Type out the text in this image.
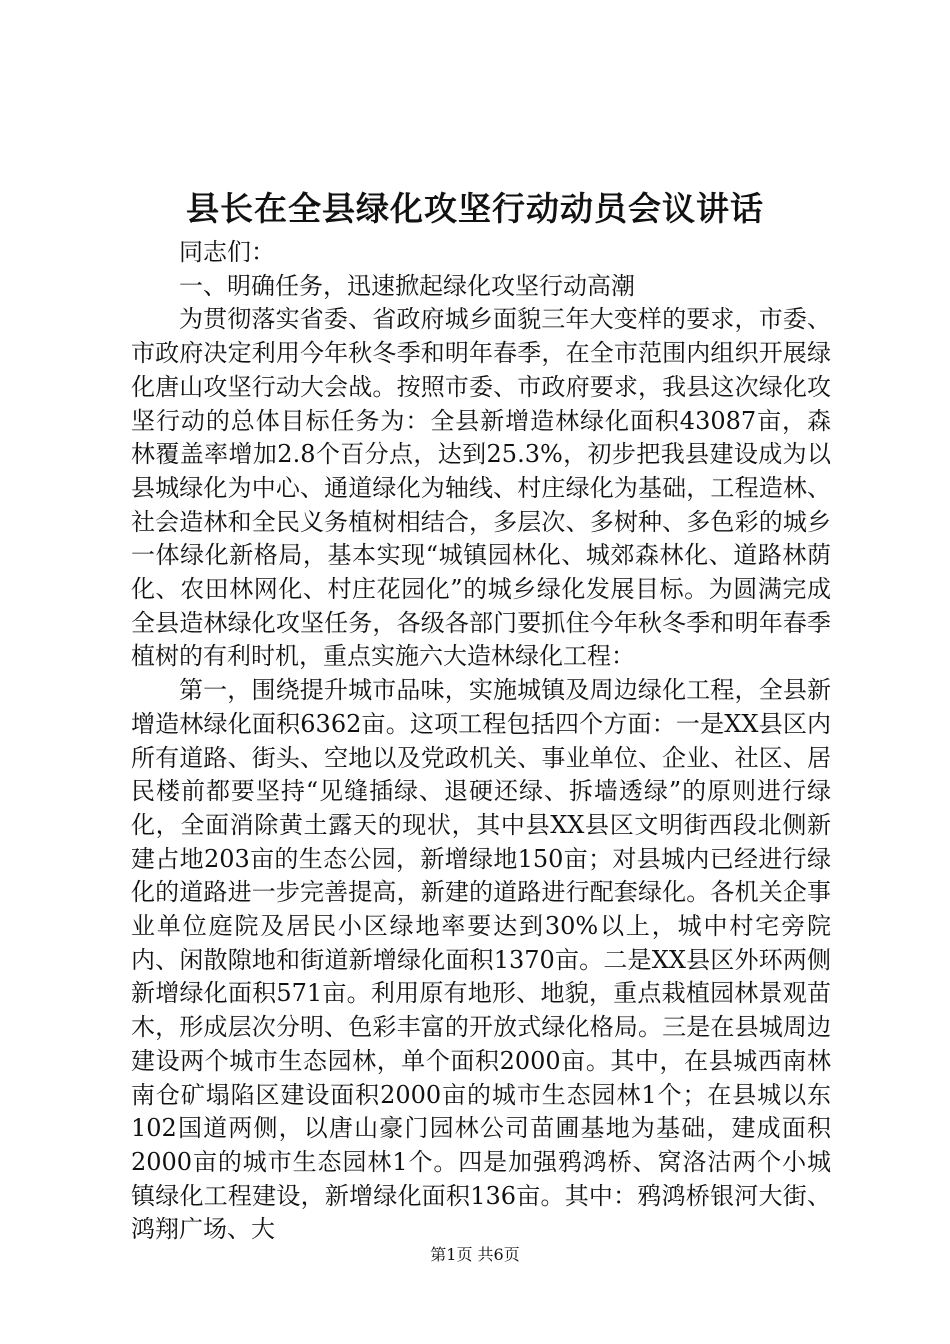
县长在全县绿化攻坚行动动员会议讲话

同志们：

一、明确任务，迅速掀起绿化攻坚行动高潮

为贯彻落实省委、省政府城乡面貌三年大变样的要求，市委、市政府决定利用今年秋冬季和明年春季，在全市范围内组织开展绿化唐山攻坚行动大会战。按照市委、市政府要求，我县这次绿化攻坚行动的总体目标任务为：全县新增造林绿化面积43087亩，森林覆盖率增加2.8个百分点，达到25.3%，初步把我县建设成为以县城绿化为中心、通道绿化为轴线、村庄绿化为基础，工程造林、社会造林和全民义务植树相结合，多层次、多树种、多色彩的城乡一体绿化新格局，基本实现“城镇园林化、城郊森林化、道路林荫化、农田林网化、村庄花园化”的城乡绿化发展目标。为圆满完成全县造林绿化攻坚任务，各级各部门要抓住今年秋冬季和明年春季植树的有利时机，重点实施六大造林绿化工程：

第一，围绕提升城市品味，实施城镇及周边绿化工程，全县新增造林绿化面积6362亩。这项工程包括四个方面：一是XX县区内所有道路、街头、空地以及党政机关、事业单位、企业、社区、居民楼前都要坚持“见缝插绿、退硬还绿、拆墙透绿”的原则进行绿化，全面消除黄土露天的现状，其中县XX县区文明街西段北侧新建占地203亩的生态公园，新增绿地150亩；对县城内已经进行绿化的道路进一步完善提高，新建的道路进行配套绿化。各机关企事业单位庭院及居民小区绿地率要达到30%以上，城中村宅旁院内、闲散隙地和街道新增绿化面积1370亩。二是XX县区外环两侧新增绿化面积571亩。利用原有地形、地貌，重点栽植园林景观苗木，形成层次分明、色彩丰富的开放式绿化格局。三是在县城周边建设两个城市生态园林，单个面积2000亩。其中，在县城西南林南仓矿塌陷区建设面积2000亩的城市生态园林1个；在县城以东102国道两侧，以唐山豪门园林公司苗圃基地为基础，建成面积2000亩的城市生态园林1个。四是加强鸦鸿桥、窝洛沽两个小城镇绿化工程建设，新增绿化面积136亩。其中：鸦鸿桥银河大街、鸿翔广场、大

第1页 共6页
